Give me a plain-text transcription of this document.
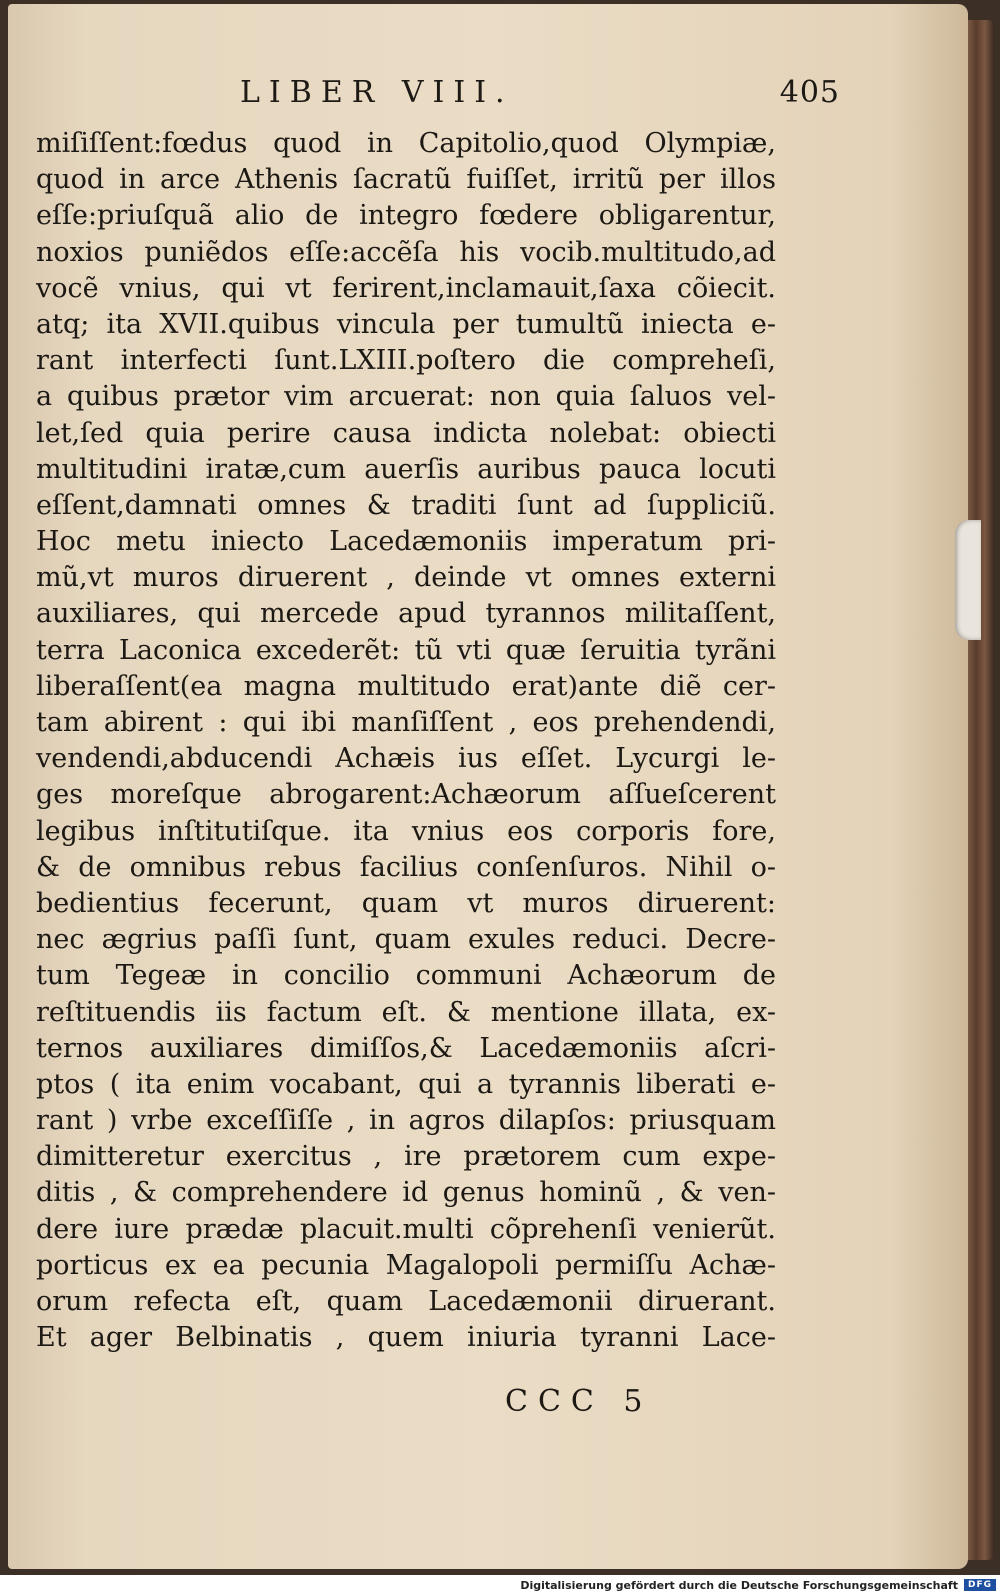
LIBER VIII.	405
miſiſſent:fœdus quod in Capitolio,quod Olympiæ,
quod in arce Athenis ſacratũ fuiſſet, irritũ per illos
eſſe:priuſquã alio de integro fœdere obligarentur,
noxios puniẽdos eſſe:accẽſa his vocib.multitudo,ad
vocẽ vnius, qui vt ferirent,inclamauit,ſaxa cõiecit.
atq; ita XVII.quibus vincula per tumultũ iniecta e-
rant interfecti ſunt.LXIII.poſtero die compreheſi,
a quibus prætor vim arcuerat: non quia ſaluos vel-
let,ſed quia perire causa indicta nolebat: obiecti
multitudini iratæ,cum auerſis auribus pauca locuti
eſſent,damnati omnes & traditi ſunt ad ſuppliciũ.
Hoc metu iniecto Lacedæmoniis imperatum pri-
mũ,vt muros diruerent , deinde vt omnes externi
auxiliares, qui mercede apud tyrannos militaſſent,
terra Laconica excederẽt: tũ vti quæ ſeruitia tyrãni
liberaſſent(ea magna multitudo erat)ante diẽ cer-
tam abirent : qui ibi manſiſſent , eos prehendendi,
vendendi,abducendi Achæis ius eſſet. Lycurgi le-
ges moreſque abrogarent:Achæorum aſſueſcerent
legibus inſtitutiſque. ita vnius eos corporis fore,
& de omnibus rebus facilius conſenſuros. Nihil o-
bedientius fecerunt, quam vt muros diruerent:
nec ægrius paſſi ſunt, quam exules reduci. Decre-
tum Tegeæ in concilio communi Achæorum de
reſtituendis iis factum eſt. & mentione illata, ex-
ternos auxiliares dimiſſos,& Lacedæmoniis aſcri-
ptos ( ita enim vocabant, qui a tyrannis liberati e-
rant ) vrbe exceſſiſſe , in agros dilapſos: priusquam
dimitteretur exercitus , ire prætorem cum expe-
ditis , & comprehendere id genus hominũ , & ven-
dere iure prædæ placuit.multi cõprehenſi venierũt.
porticus ex ea pecunia Magalopoli permiſſu Achæ-
orum refecta eſt, quam Lacedæmonii diruerant.
Et ager Belbinatis , quem iniuria tyranni Lace-
CCC 5
Digitalisierung gefördert durch die Deutsche Forschungsgemeinschaft	DFG
